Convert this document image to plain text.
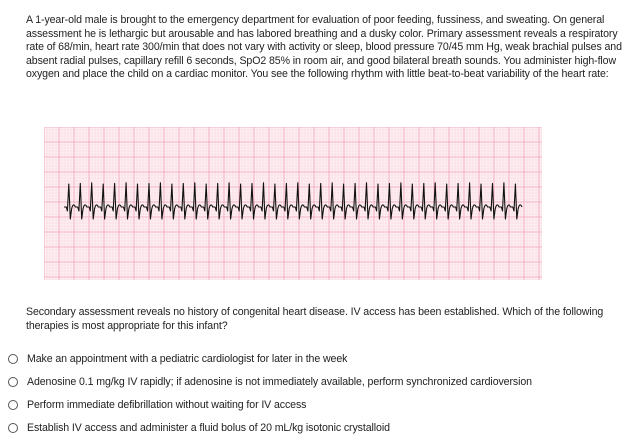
A 1-year-old male is brought to the emergency department for evaluation of poor feeding, fussiness, and sweating. On general assessment he is lethargic but arousable and has labored breathing and a dusky color. Primary assessment reveals a respiratory rate of 68/min, heart rate 300/min that does not vary with activity or sleep, blood pressure 70/45 mm Hg, weak brachial pulses and absent radial pulses, capillary refill 6 seconds, SpO2 85% in room air, and good bilateral breath sounds. You administer high-flow oxygen and place the child on a cardiac monitor. You see the following rhythm with little beat-to-beat variability of the heart rate:

Secondary assessment reveals no history of congenital heart disease. IV access has been established. Which of the following therapies is most appropriate for this infant?

Make an appointment with a pediatric cardiologist for later in the week
Adenosine 0.1 mg/kg IV rapidly; if adenosine is not immediately available, perform synchronized cardioversion
Perform immediate defibrillation without waiting for IV access
Establish IV access and administer a fluid bolus of 20 mL/kg isotonic crystalloid
